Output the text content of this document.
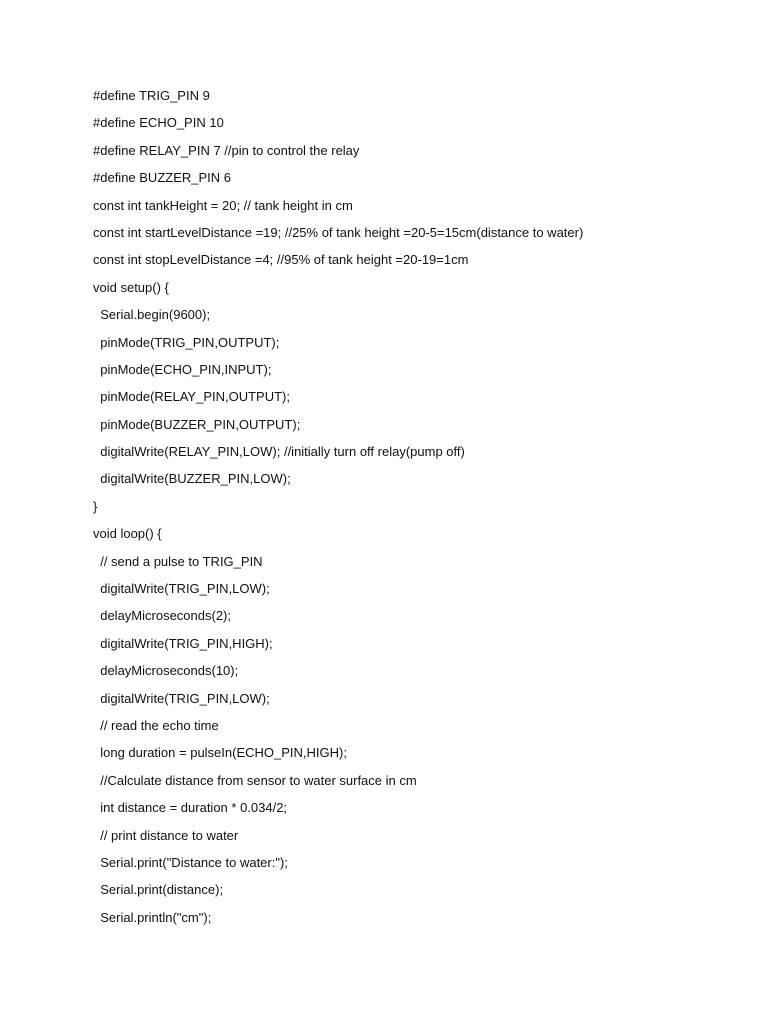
#define TRIG_PIN 9
#define ECHO_PIN 10
#define RELAY_PIN 7 //pin to control the relay
#define BUZZER_PIN 6
const int tankHeight = 20; // tank height in cm
const int startLevelDistance =19; //25% of tank height =20-5=15cm(distance to water)
const int stopLevelDistance =4; //95% of tank height =20-19=1cm
void setup() {
Serial.begin(9600);
pinMode(TRIG_PIN,OUTPUT);
pinMode(ECHO_PIN,INPUT);
pinMode(RELAY_PIN,OUTPUT);
pinMode(BUZZER_PIN,OUTPUT);
digitalWrite(RELAY_PIN,LOW); //initially turn off relay(pump off)
digitalWrite(BUZZER_PIN,LOW);
}
void loop() {
// send a pulse to TRIG_PIN
digitalWrite(TRIG_PIN,LOW);
delayMicroseconds(2);
digitalWrite(TRIG_PIN,HIGH);
delayMicroseconds(10);
digitalWrite(TRIG_PIN,LOW);
// read the echo time
long duration = pulseIn(ECHO_PIN,HIGH);
//Calculate distance from sensor to water surface in cm
int distance = duration * 0.034/2;
// print distance to water
Serial.print("Distance to water:");
Serial.print(distance);
Serial.println("cm");
